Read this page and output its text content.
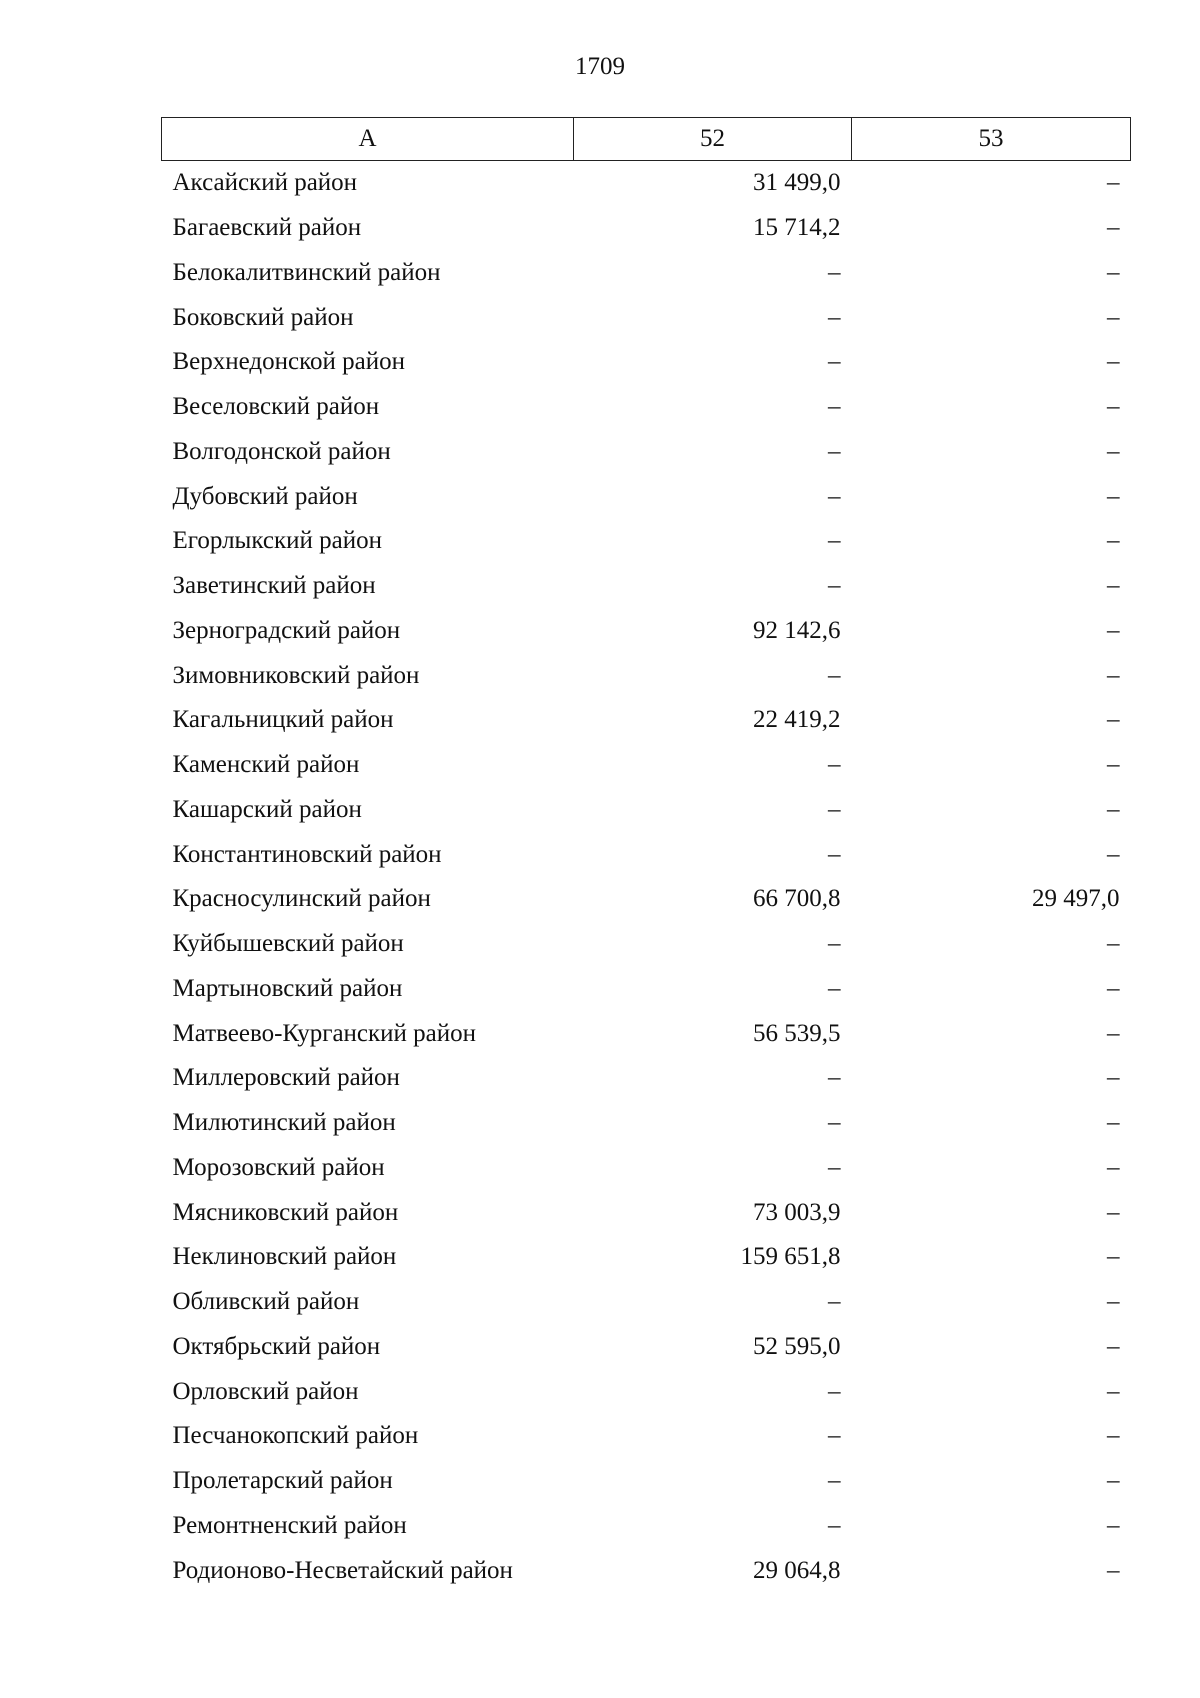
1709
А	52	53
Аксайский район	31 499,0	–
Багаевский район	15 714,2	–
Белокалитвинский район	–	–
Боковский район	–	–
Верхнедонской район	–	–
Веселовский район	–	–
Волгодонской район	–	–
Дубовский район	–	–
Егорлыкский район	–	–
Заветинский район	–	–
Зерноградский район	92 142,6	–
Зимовниковский район	–	–
Кагальницкий район	22 419,2	–
Каменский район	–	–
Кашарский район	–	–
Константиновский район	–	–
Красносулинский район	66 700,8	29 497,0
Куйбышевский район	–	–
Мартыновский район	–	–
Матвеево-Курганский район	56 539,5	–
Миллеровский район	–	–
Милютинский район	–	–
Морозовский район	–	–
Мясниковский район	73 003,9	–
Неклиновский район	159 651,8	–
Обливский район	–	–
Октябрьский район	52 595,0	–
Орловский район	–	–
Песчанокопский район	–	–
Пролетарский район	–	–
Ремонтненский район	–	–
Родионово-Несветайский район	29 064,8	–
